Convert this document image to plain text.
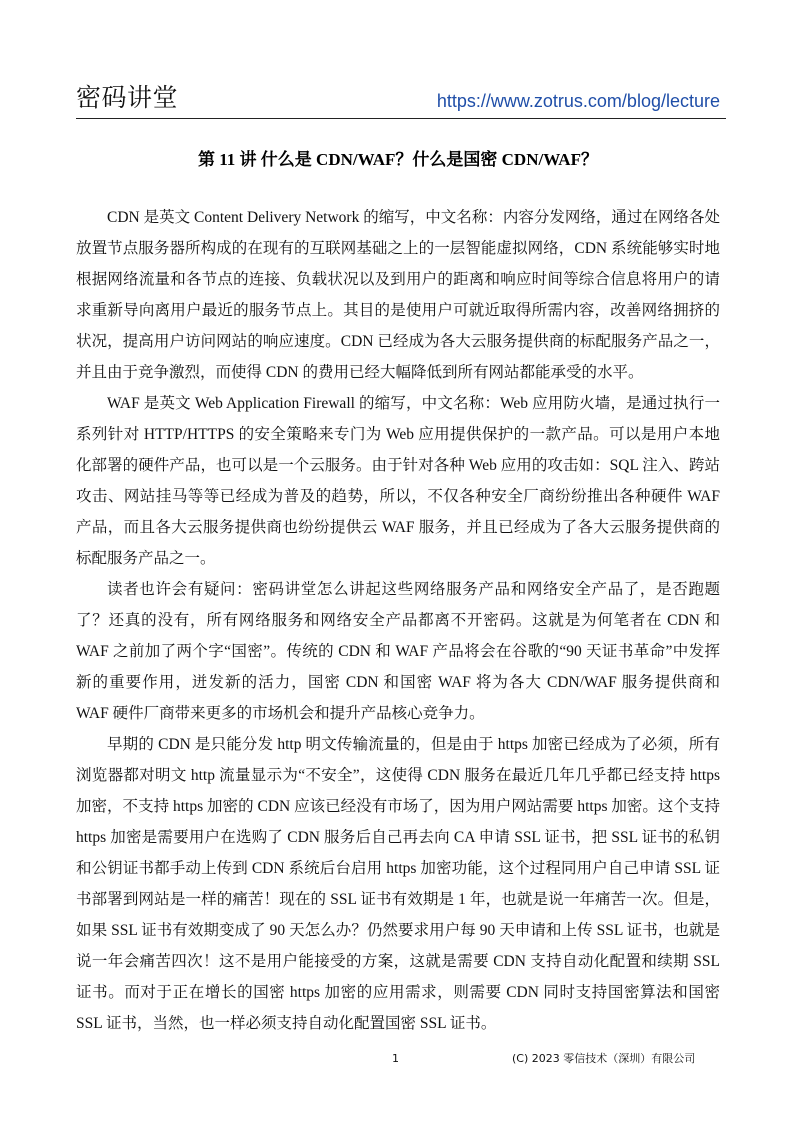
密码讲堂	https://www.zotrus.com/blog/lecture
第 11 讲 什么是 CDN/WAF？什么是国密 CDN/WAF？

CDN 是英文 Content Delivery Network 的缩写，中文名称：内容分发网络，通过在网络各处放置节点服务器所构成的在现有的互联网基础之上的一层智能虚拟网络，CDN 系统能够实时地根据网络流量和各节点的连接、负载状况以及到用户的距离和响应时间等综合信息将用户的请求重新导向离用户最近的服务节点上。其目的是使用户可就近取得所需内容，改善网络拥挤的状况，提高用户访问网站的响应速度。CDN 已经成为各大云服务提供商的标配服务产品之一，并且由于竞争激烈，而使得 CDN 的费用已经大幅降低到所有网站都能承受的水平。

WAF 是英文 Web Application Firewall 的缩写，中文名称：Web 应用防火墙，是通过执行一系列针对 HTTP/HTTPS 的安全策略来专门为 Web 应用提供保护的一款产品。可以是用户本地化部署的硬件产品，也可以是一个云服务。由于针对各种 Web 应用的攻击如：SQL 注入、跨站攻击、网站挂马等等已经成为普及的趋势，所以，不仅各种安全厂商纷纷推出各种硬件 WAF 产品，而且各大云服务提供商也纷纷提供云 WAF 服务，并且已经成为了各大云服务提供商的标配服务产品之一。

读者也许会有疑问：密码讲堂怎么讲起这些网络服务产品和网络安全产品了，是否跑题了？还真的没有，所有网络服务和网络安全产品都离不开密码。这就是为何笔者在 CDN 和 WAF 之前加了两个字“国密”。传统的 CDN 和 WAF 产品将会在谷歌的“90 天证书革命”中发挥新的重要作用，迸发新的活力，国密 CDN 和国密 WAF 将为各大 CDN/WAF 服务提供商和 WAF 硬件厂商带来更多的市场机会和提升产品核心竞争力。

早期的 CDN 是只能分发 http 明文传输流量的，但是由于 https 加密已经成为了必须，所有浏览器都对明文 http 流量显示为“不安全”，这使得 CDN 服务在最近几年几乎都已经支持 https 加密，不支持 https 加密的 CDN 应该已经没有市场了，因为用户网站需要 https 加密。这个支持 https 加密是需要用户在选购了 CDN 服务后自己再去向 CA 申请 SSL 证书，把 SSL 证书的私钥和公钥证书都手动上传到 CDN 系统后台启用 https 加密功能，这个过程同用户自己申请 SSL 证书部署到网站是一样的痛苦！现在的 SSL 证书有效期是 1 年，也就是说一年痛苦一次。但是，如果 SSL 证书有效期变成了 90 天怎么办？仍然要求用户每 90 天申请和上传 SSL 证书，也就是说一年会痛苦四次！这不是用户能接受的方案，这就是需要 CDN 支持自动化配置和续期 SSL 证书。而对于正在增长的国密 https 加密的应用需求，则需要 CDN 同时支持国密算法和国密 SSL 证书，当然，也一样必须支持自动化配置国密 SSL 证书。

1	(C) 2023 零信技术（深圳）有限公司
